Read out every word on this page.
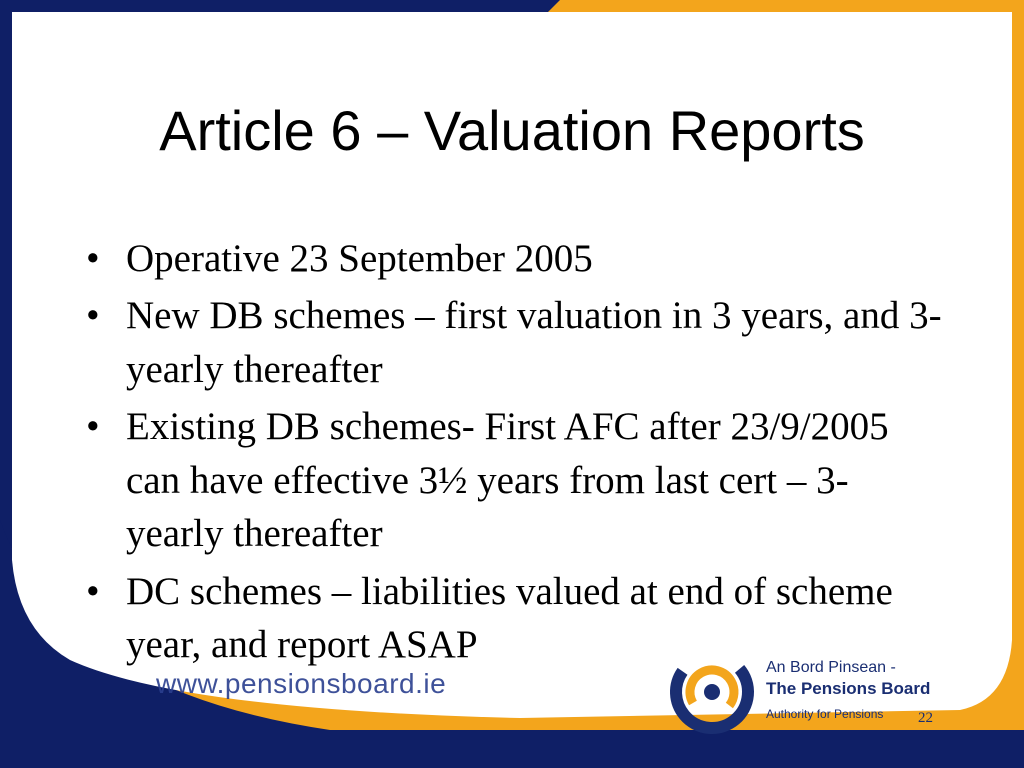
Article 6 – Valuation Reports
• Operative 23 September 2005
• New DB schemes – first valuation in 3 years, and 3-yearly thereafter
• Existing DB schemes- First AFC after 23/9/2005 can have effective 3½ years from last cert – 3-yearly thereafter
• DC schemes – liabilities valued at end of scheme year, and report ASAP
www.pensionsboard.ie
An Bord Pinsean -
The Pensions Board
Authority for Pensions	22
